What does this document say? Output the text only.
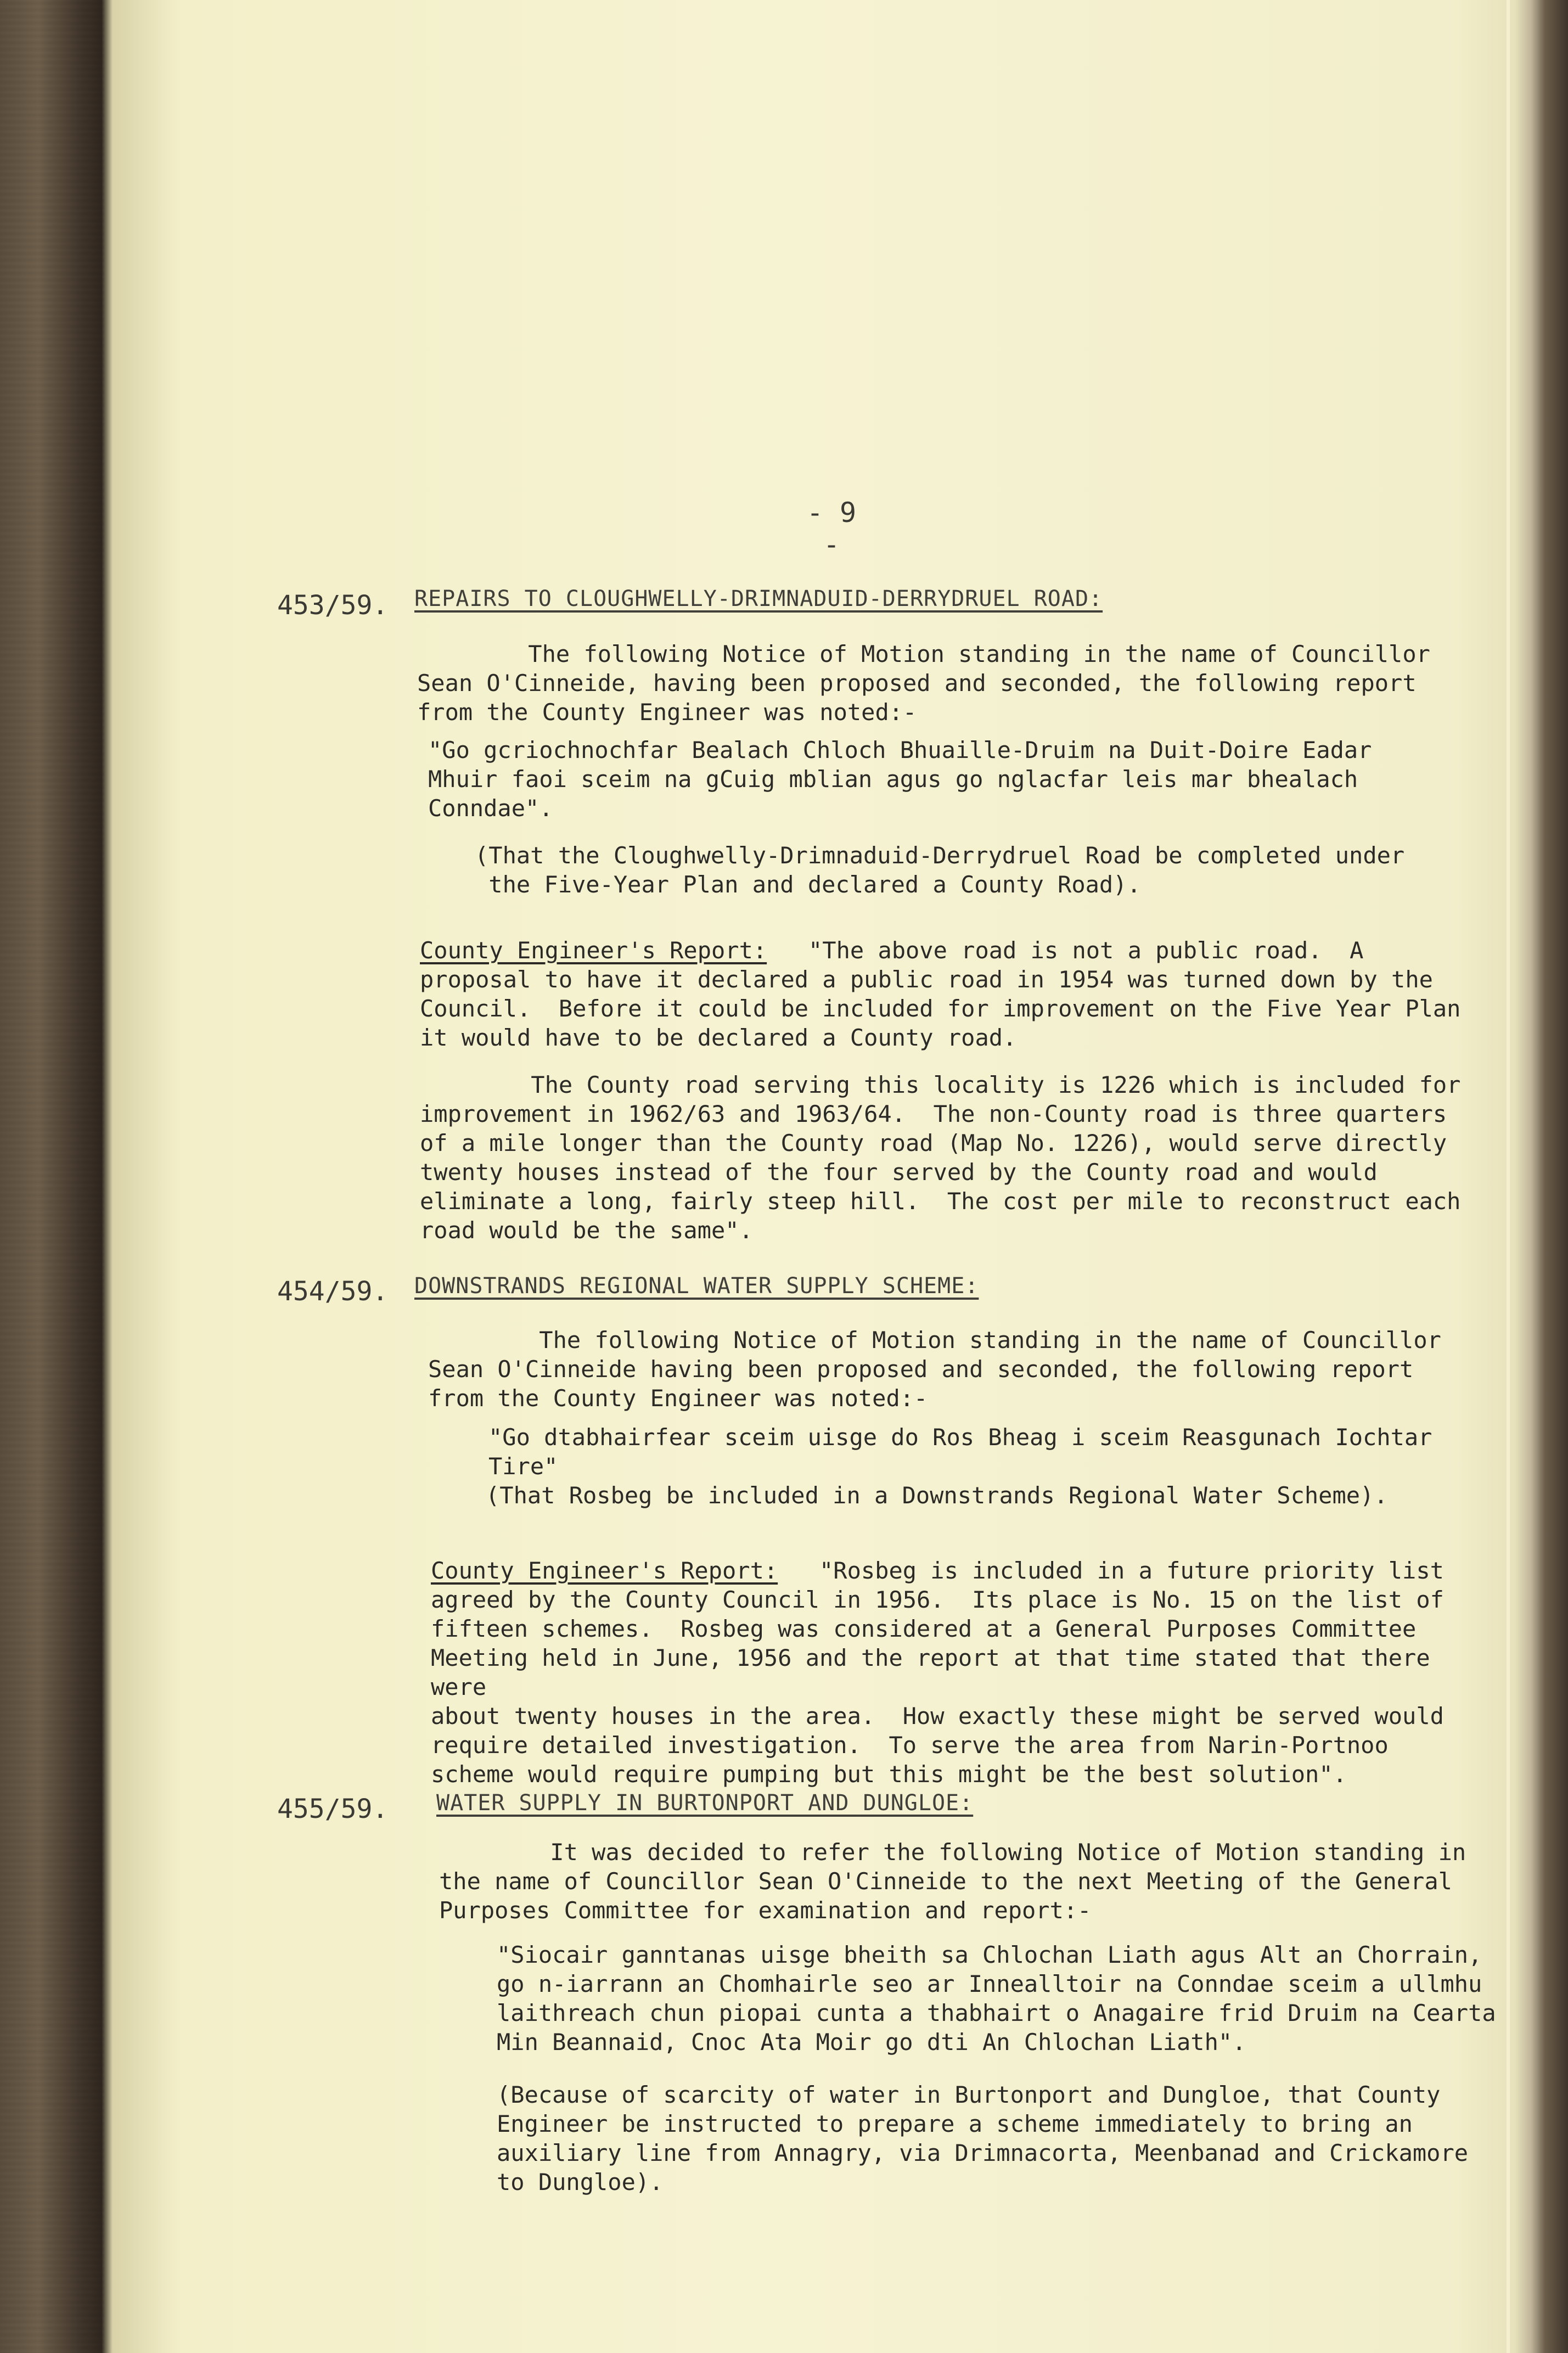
- 9 -
453/59. REPAIRS TO CLOUGHWELLY-DRIMNADUID-DERRYDRUEL ROAD:

The following Notice of Motion standing in the name of Councillor
Sean O'Cinneide, having been proposed and seconded, the following report
from the County Engineer was noted:-

"Go gcriochnochfar Bealach Chloch Bhuaille-Druim na Duit-Doire Eadar
Mhuir faoi sceim na gCuig mblian agus go nglacfar leis mar bhealach Conndae".

(That the Cloughwelly-Drimnaduid-Derrydruel Road be completed under
the Five-Year Plan and declared a County Road).

County Engineer's Report:   "The above road is not a public road.  A
proposal to have it declared a public road in 1954 was turned down by the
Council.  Before it could be included for improvement on the Five Year Plan
it would have to be declared a County road.

The County road serving this locality is 1226 which is included for
improvement in 1962/63 and 1963/64.  The non-County road is three quarters
of a mile longer than the County road (Map No. 1226), would serve directly
twenty houses instead of the four served by the County road and would
eliminate a long, fairly steep hill.  The cost per mile to reconstruct each
road would be the same".

454/59. DOWNSTRANDS REGIONAL WATER SUPPLY SCHEME:

The following Notice of Motion standing in the name of Councillor
Sean O'Cinneide having been proposed and seconded, the following report
from the County Engineer was noted:-

"Go dtabhairfear sceim uisge do Ros Bheag i sceim Reasgunach Iochtar Tire"

(That Rosbeg be included in a Downstrands Regional Water Scheme).

County Engineer's Report:   "Rosbeg is included in a future priority list
agreed by the County Council in 1956.  Its place is No. 15 on the list of
fifteen schemes.  Rosbeg was considered at a General Purposes Committee
Meeting held in June, 1956 and the report at that time stated that there were
about twenty houses in the area.  How exactly these might be served would
require detailed investigation.  To serve the area from Narin-Portnoo
scheme would require pumping but this might be the best solution".

455/59. WATER SUPPLY IN BURTONPORT AND DUNGLOE:

It was decided to refer the following Notice of Motion standing in
the name of Councillor Sean O'Cinneide to the next Meeting of the General
Purposes Committee for examination and report:-

"Siocair ganntanas uisge bheith sa Chlochan Liath agus Alt an Chorrain,
go n-iarrann an Chomhairle seo ar Innealltoir na Conndae sceim a ullmhu
laithreach chun piopai cunta a thabhairt o Anagaire frid Druim na Cearta
Min Beannaid, Cnoc Ata Moir go dti An Chlochan Liath".

(Because of scarcity of water in Burtonport and Dungloe, that County
Engineer be instructed to prepare a scheme immediately to bring an
auxiliary line from Annagry, via Drimnacorta, Meenbanad and Crickamore
to Dungloe).
